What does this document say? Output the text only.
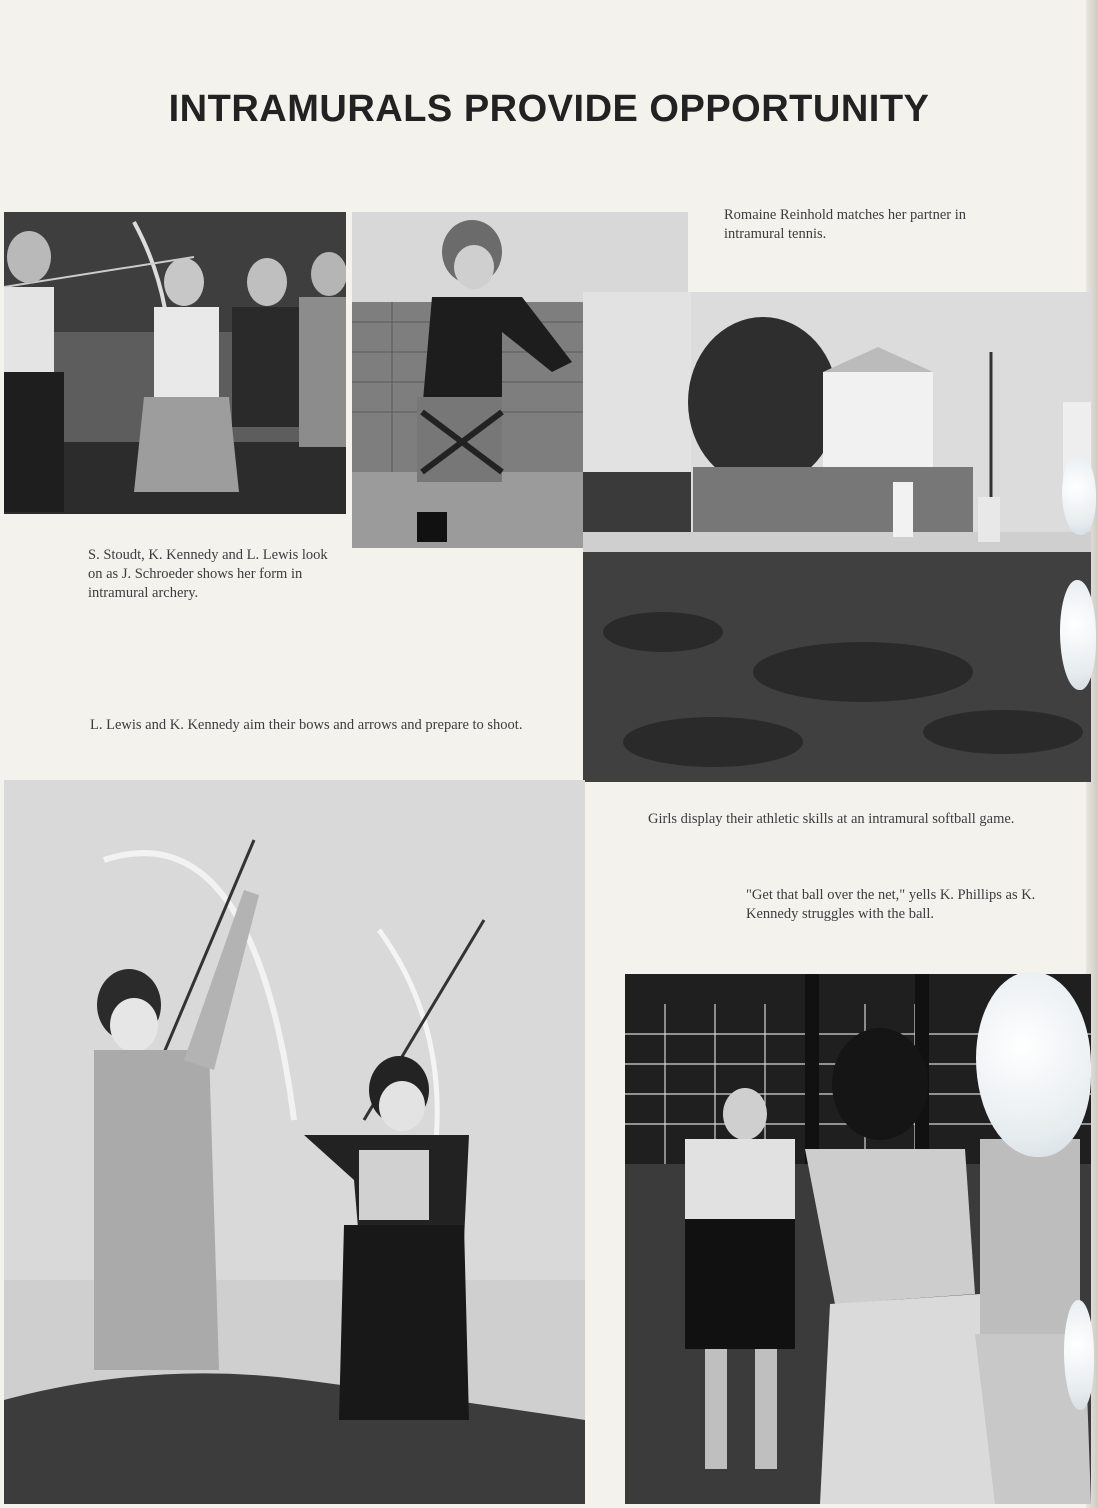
INTRAMURALS PROVIDE OPPORTUNITY
Romaine Reinhold matches her partner in intramural tennis.
S. Stoudt, K. Kennedy and L. Lewis look on as J. Schroeder shows her form in intramural archery.
L. Lewis and K. Kennedy aim their bows and arrows and prepare to shoot.
Girls display their athletic skills at an intramural softball game.
"Get that ball over the net," yells K. Phillips as K. Kennedy struggles with the ball.
